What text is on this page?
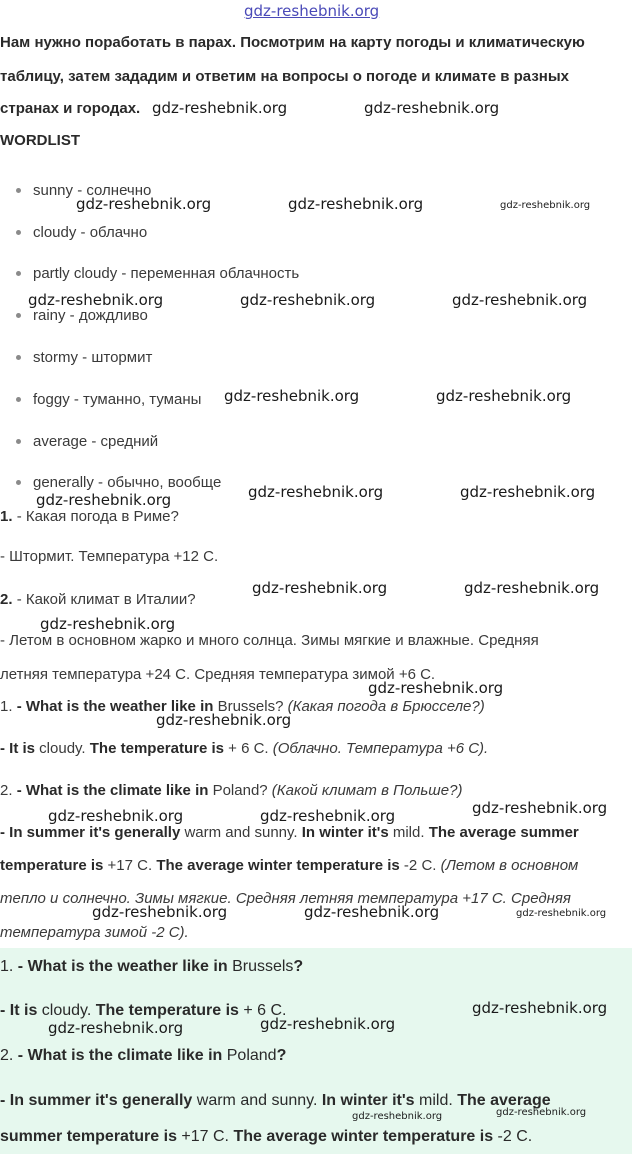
gdz-reshebnik.org
Нам нужно поработать в парах. Посмотрим на карту погоды и климатическую
таблицу, затем зададим и ответим на вопросы о погоде и климате в разных
странах и городах. gdz-reshebnik.org	gdz-reshebnik.org
WORDLIST
sunny - солнечно
cloudy - облачно
partly cloudy - переменная облачность
rainy - дождливо
stormy - штормит
foggy - туманно, туманы
average - средний
generally - обычно, вообще
gdz-reshebnik.org	gdz-reshebnik.org	gdz-reshebnik.org
gdz-reshebnik.org	gdz-reshebnik.org	gdz-reshebnik.org
gdz-reshebnik.org	gdz-reshebnik.org
gdz-reshebnik.org	gdz-reshebnik.org	gdz-reshebnik.org
1. - Какая погода в Риме?
- Штормит. Температура +12 С.
2. - Какой климат в Италии?
gdz-reshebnik.org	gdz-reshebnik.org
gdz-reshebnik.org
- Летом в основном жарко и много солнца. Зимы мягкие и влажные. Средняя
летняя температура +24 С. Средняя температура зимой +6 С.
gdz-reshebnik.org
1. - What is the weather like in Brussels? (Какая погода в Брюсселе?)
gdz-reshebnik.org
- It is cloudy. The temperature is + 6 С. (Облачно. Температура +6 С).
2. - What is the climate like in Poland? (Какой климат в Польше?)
gdz-reshebnik.org	gdz-reshebnik.org	gdz-reshebnik.org
- In summer it's generally warm and sunny. In winter it's mild. The average summer
temperature is +17 С. The average winter temperature is -2 С. (Летом в основном
тепло и солнечно. Зимы мягкие. Средняя летняя температура +17 С. Средняя
gdz-reshebnik.org	gdz-reshebnik.org	gdz-reshebnik.org
температура зимой -2 С).
1. - What is the weather like in Brussels?
- It is cloudy. The temperature is + 6 С.	gdz-reshebnik.org
gdz-reshebnik.org	gdz-reshebnik.org
2. - What is the climate like in Poland?
- In summer it's generally warm and sunny. In winter it's mild. The average
gdz-reshebnik.org	gdz-reshebnik.org
summer temperature is +17 С. The average winter temperature is -2 С.
